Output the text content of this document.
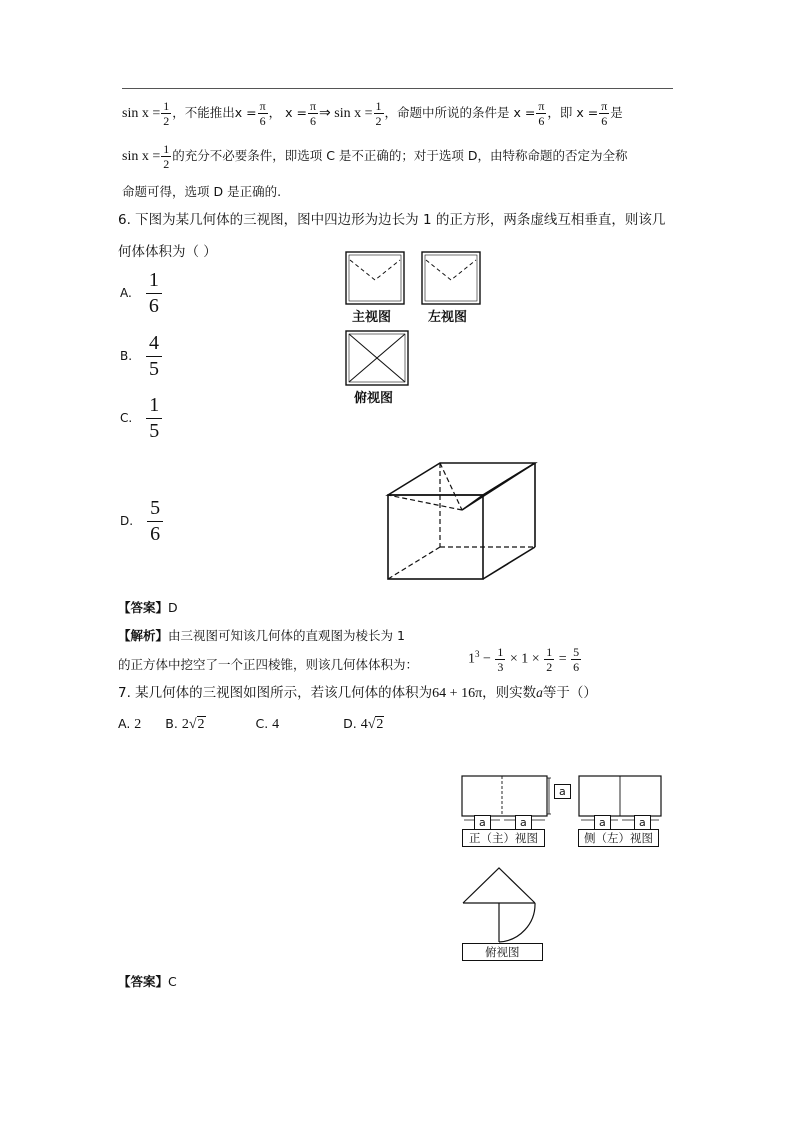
$\sin x = \frac{1}{2}$ ，不能推出$x = \frac{\pi}{6}$ ， $x = \frac{\pi}{6}$ ⇒ $\sin x = \frac{1}{2}$ ，命题中所说的条件是 $x = \frac{\pi}{6}$ ，即 $x = \frac{\pi}{6}$ 是
$\sin x = \frac{1}{2}$ 的充分不必要条件，即选项 C 是不正确的；对于选项 D，由特称命题的否定为全称
命题可得，选项 D 是正确的.
6. 下图为某几何体的三视图，图中四边形为边长为 1 的正方形，两条虚线互相垂直，则该几
何体体积为（ ）
A. $\frac{1}{6}$
B. $\frac{4}{5}$
C. $\frac{1}{5}$
D. $\frac{5}{6}$
主视图	左视图
俯视图
【答案】D
【解析】由三视图可知该几何体的直观图为棱长为 1
的正方体中挖空了一个正四棱锥，则该几何体体积为：	$1^3 - \frac{1}{3} \times 1 \times \frac{1}{2} = \frac{5}{6}$
7. 某几何体的三视图如图所示，若该几何体的体积为64 + 16π，则实数a等于（）
A. 2 B. 2√2	C. 4	D. 4√2
a
a	a	a	a
正（主）视图	侧（左）视图
俯视图
【答案】C
